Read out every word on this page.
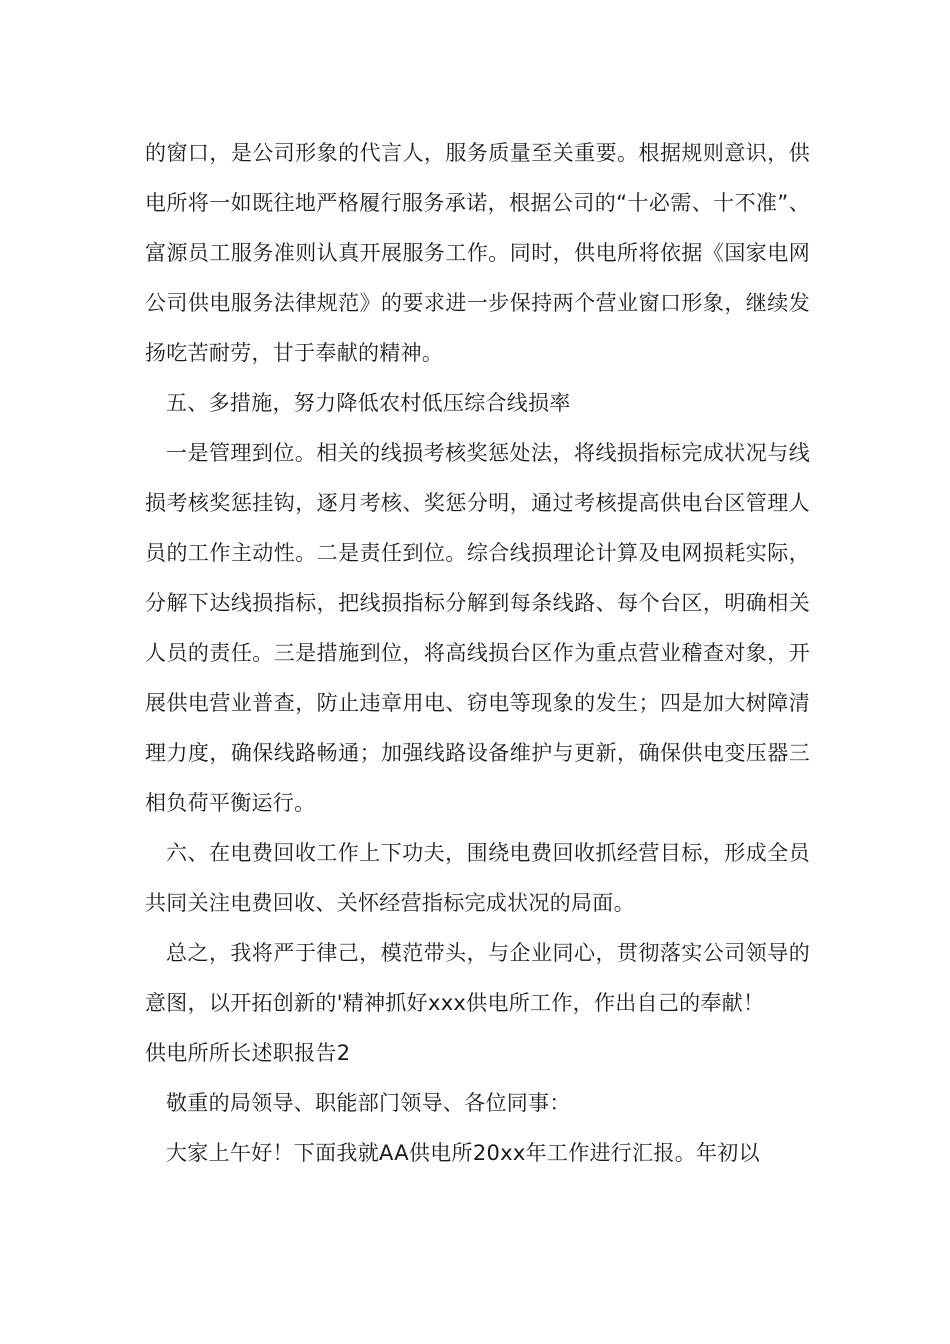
的窗口，是公司形象的代言人，服务质量至关重要。根据规则意识，供电所将一如既往地严格履行服务承诺，根据公司的“十必需、十不准”、富源员工服务准则认真开展服务工作。同时，供电所将依据《国家电网公司供电服务法律规范》的要求进一步保持两个营业窗口形象，继续发扬吃苦耐劳，甘于奉献的精神。

五、多措施，努力降低农村低压综合线损率

一是管理到位。相关的线损考核奖惩处法，将线损指标完成状况与线损考核奖惩挂钩，逐月考核、奖惩分明，通过考核提高供电台区管理人员的工作主动性。二是责任到位。综合线损理论计算及电网损耗实际，分解下达线损指标，把线损指标分解到每条线路、每个台区，明确相关人员的责任。三是措施到位，将高线损台区作为重点营业稽查对象，开展供电营业普查，防止违章用电、窃电等现象的发生；四是加大树障清理力度，确保线路畅通；加强线路设备维护与更新，确保供电变压器三相负荷平衡运行。

六、在电费回收工作上下功夫，围绕电费回收抓经营目标，形成全员共同关注电费回收、关怀经营指标完成状况的局面。

总之，我将严于律己，模范带头，与企业同心，贯彻落实公司领导的意图，以开拓创新的'精神抓好xxx供电所工作，作出自己的奉献！

供电所所长述职报告2

敬重的局领导、职能部门领导、各位同事：

大家上午好！下面我就AA供电所20xx年工作进行汇报。年初以
